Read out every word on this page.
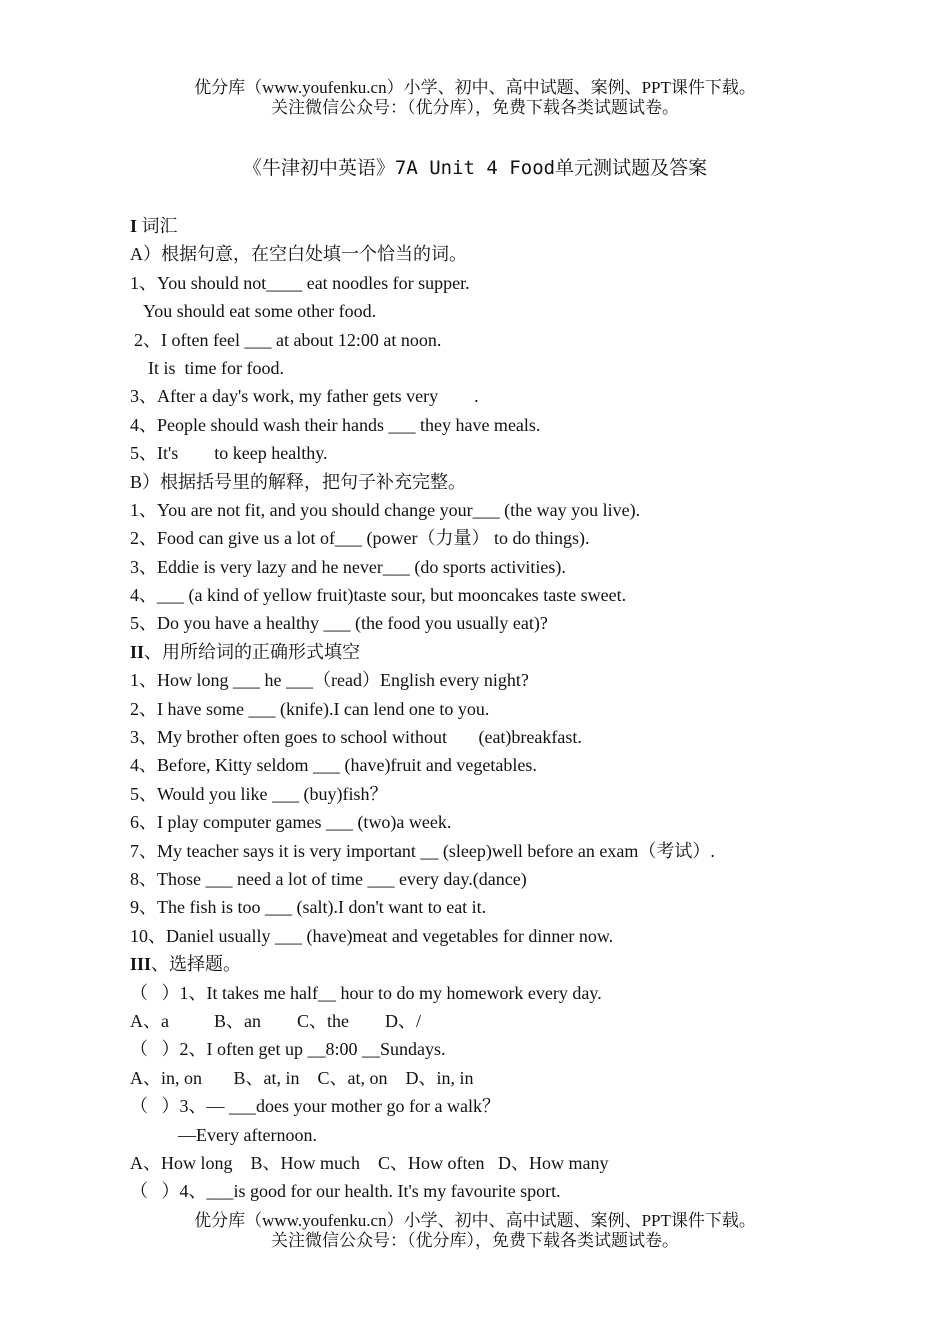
优分库（www.youfenku.cn）小学、初中、高中试题、案例、PPT课件下载。
关注微信公众号：（优分库），免费下载各类试题试卷。
《牛津初中英语》7A Unit 4 Food单元测试题及答案
I 词汇
A）根据句意，在空白处填一个恰当的词。
1、You should not____ eat noodles for supper.
You should eat some other food.
2、I often feel ___ at about 12:00 at noon.
It is  time for food.
3、After a day's work, my father gets very        .
4、People should wash their hands ___ they have meals.
5、It's        to keep healthy.
B）根据括号里的解释，把句子补充完整。
1、You are not fit, and you should change your___ (the way you live).
2、Food can give us a lot of___ (power（力量） to do things).
3、Eddie is very lazy and he never___ (do sports activities).
4、___ (a kind of yellow fruit)taste sour, but mooncakes taste sweet.
5、Do you have a healthy ___ (the food you usually eat)?
II、用所给词的正确形式填空
1、How long ___ he ___（read）English every night?
2、I have some ___ (knife).I can lend one to you.
3、My brother often goes to school without       (eat)breakfast.
4、Before, Kitty seldom ___ (have)fruit and vegetables.
5、Would you like ___ (buy)fish？
6、I play computer games ___ (two)a week.
7、My teacher says it is very important __ (sleep)well before an exam（考试）.
8、Those ___ need a lot of time ___ every day.(dance)
9、The fish is too ___ (salt).I don't want to eat it.
10、Daniel usually ___ (have)meat and vegetables for dinner now.
III、选择题。
（   ）1、It takes me half__ hour to do my homework every day.
A、a          B、an        C、the        D、/
（   ）2、I often get up __8:00 __Sundays.
A、in, on       B、at, in    C、at, on    D、in, in
（   ）3、— ___does your mother go for a walk？
—Every afternoon.
A、How long    B、How much    C、How often   D、How many
（   ）4、___is good for our health. It's my favourite sport.
优分库（www.youfenku.cn）小学、初中、高中试题、案例、PPT课件下载。
关注微信公众号：（优分库），免费下载各类试题试卷。
